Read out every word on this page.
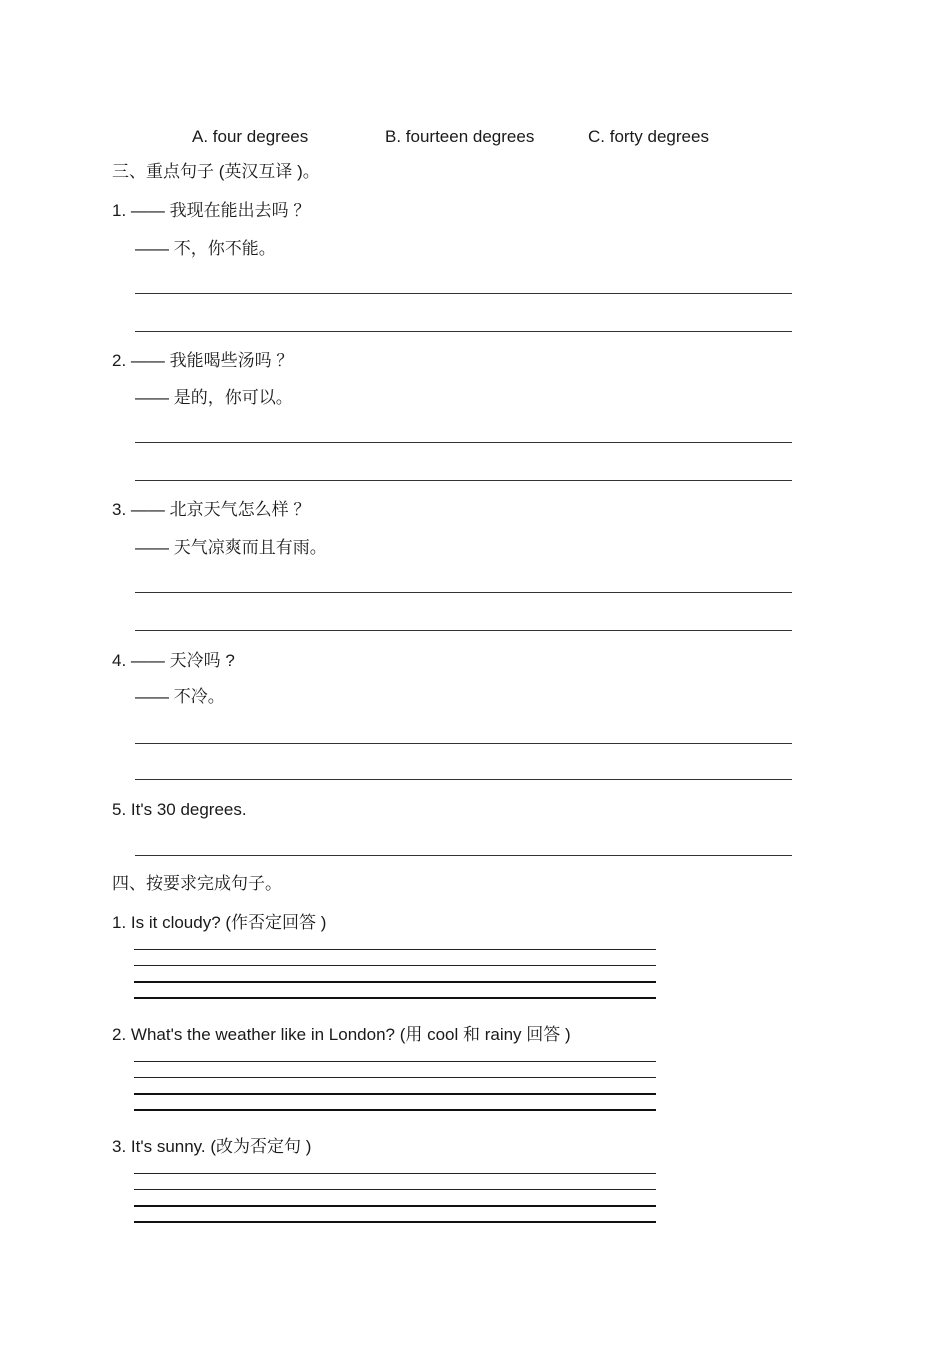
A. four degrees	B. fourteen degrees	C. forty degrees
三、重点句子 (英汉互译 )。
1. —— 我现在能出去吗 ？
—— 不，你不能。
2. —— 我能喝些汤吗 ？
—— 是的，你可以。
3. —— 北京天气怎么样 ？
—— 天气凉爽而且有雨。
4. —— 天冷吗 ?
—— 不冷。
5. It's 30 degrees.
四、按要求完成句子。
1. Is it cloudy? (作否定回答 )
2. What's the weather like in London? (用 cool 和 rainy 回答 )
3. It's sunny. (改为否定句 )
